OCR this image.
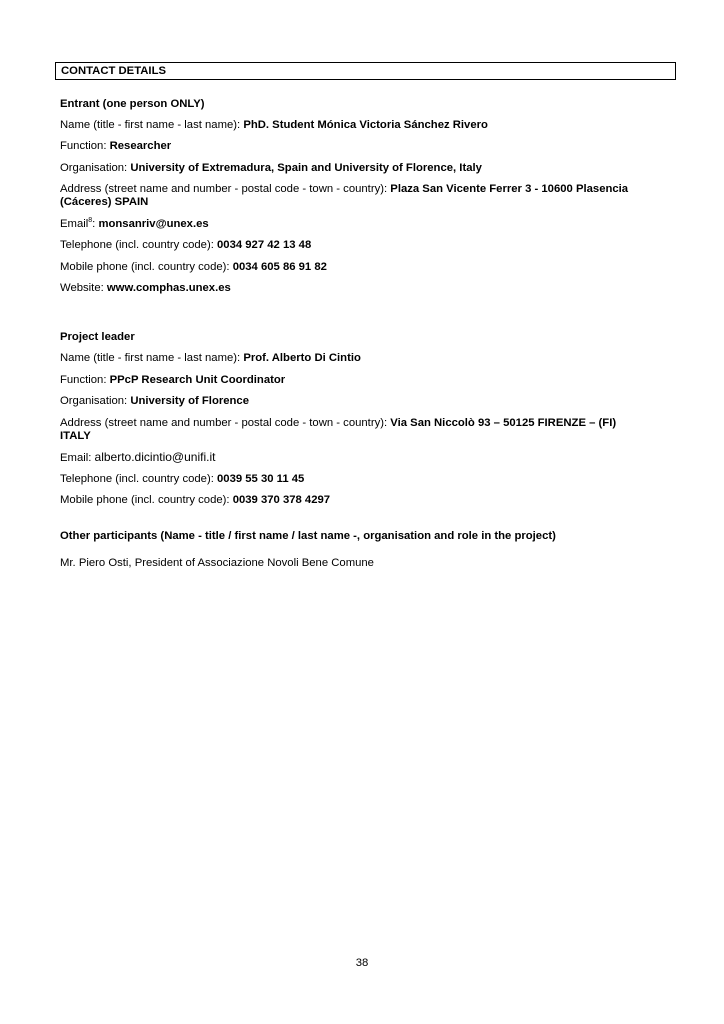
CONTACT DETAILS
Entrant (one person ONLY)
Name (title - first name - last name): PhD. Student Mónica Victoria Sánchez Rivero
Function: Researcher
Organisation: University of Extremadura, Spain and University of Florence, Italy
Address (street name and number - postal code - town - country): Plaza San Vicente Ferrer 3 - 10600 Plasencia
(Cáceres) SPAIN
Email$^8$: monsanriv@unex.es
Telephone (incl. country code): 0034 927 42 13 48
Mobile phone (incl. country code): 0034 605 86 91 82
Website: www.comphas.unex.es
Project leader
Name (title - first name - last name): Prof. Alberto Di Cintio
Function: PPcP Research Unit Coordinator
Organisation: University of Florence
Address (street name and number - postal code - town - country): Via San Niccolò 93 – 50125 FIRENZE – (FI)
ITALY
Email: alberto.dicintio@unifi.it
Telephone (incl. country code): 0039 55 30 11 45
Mobile phone (incl. country code): 0039 370 378 4297
Other participants (Name - title / first name / last name -, organisation and role in the project)
Mr. Piero Osti, President of Associazione Novoli Bene Comune
38
